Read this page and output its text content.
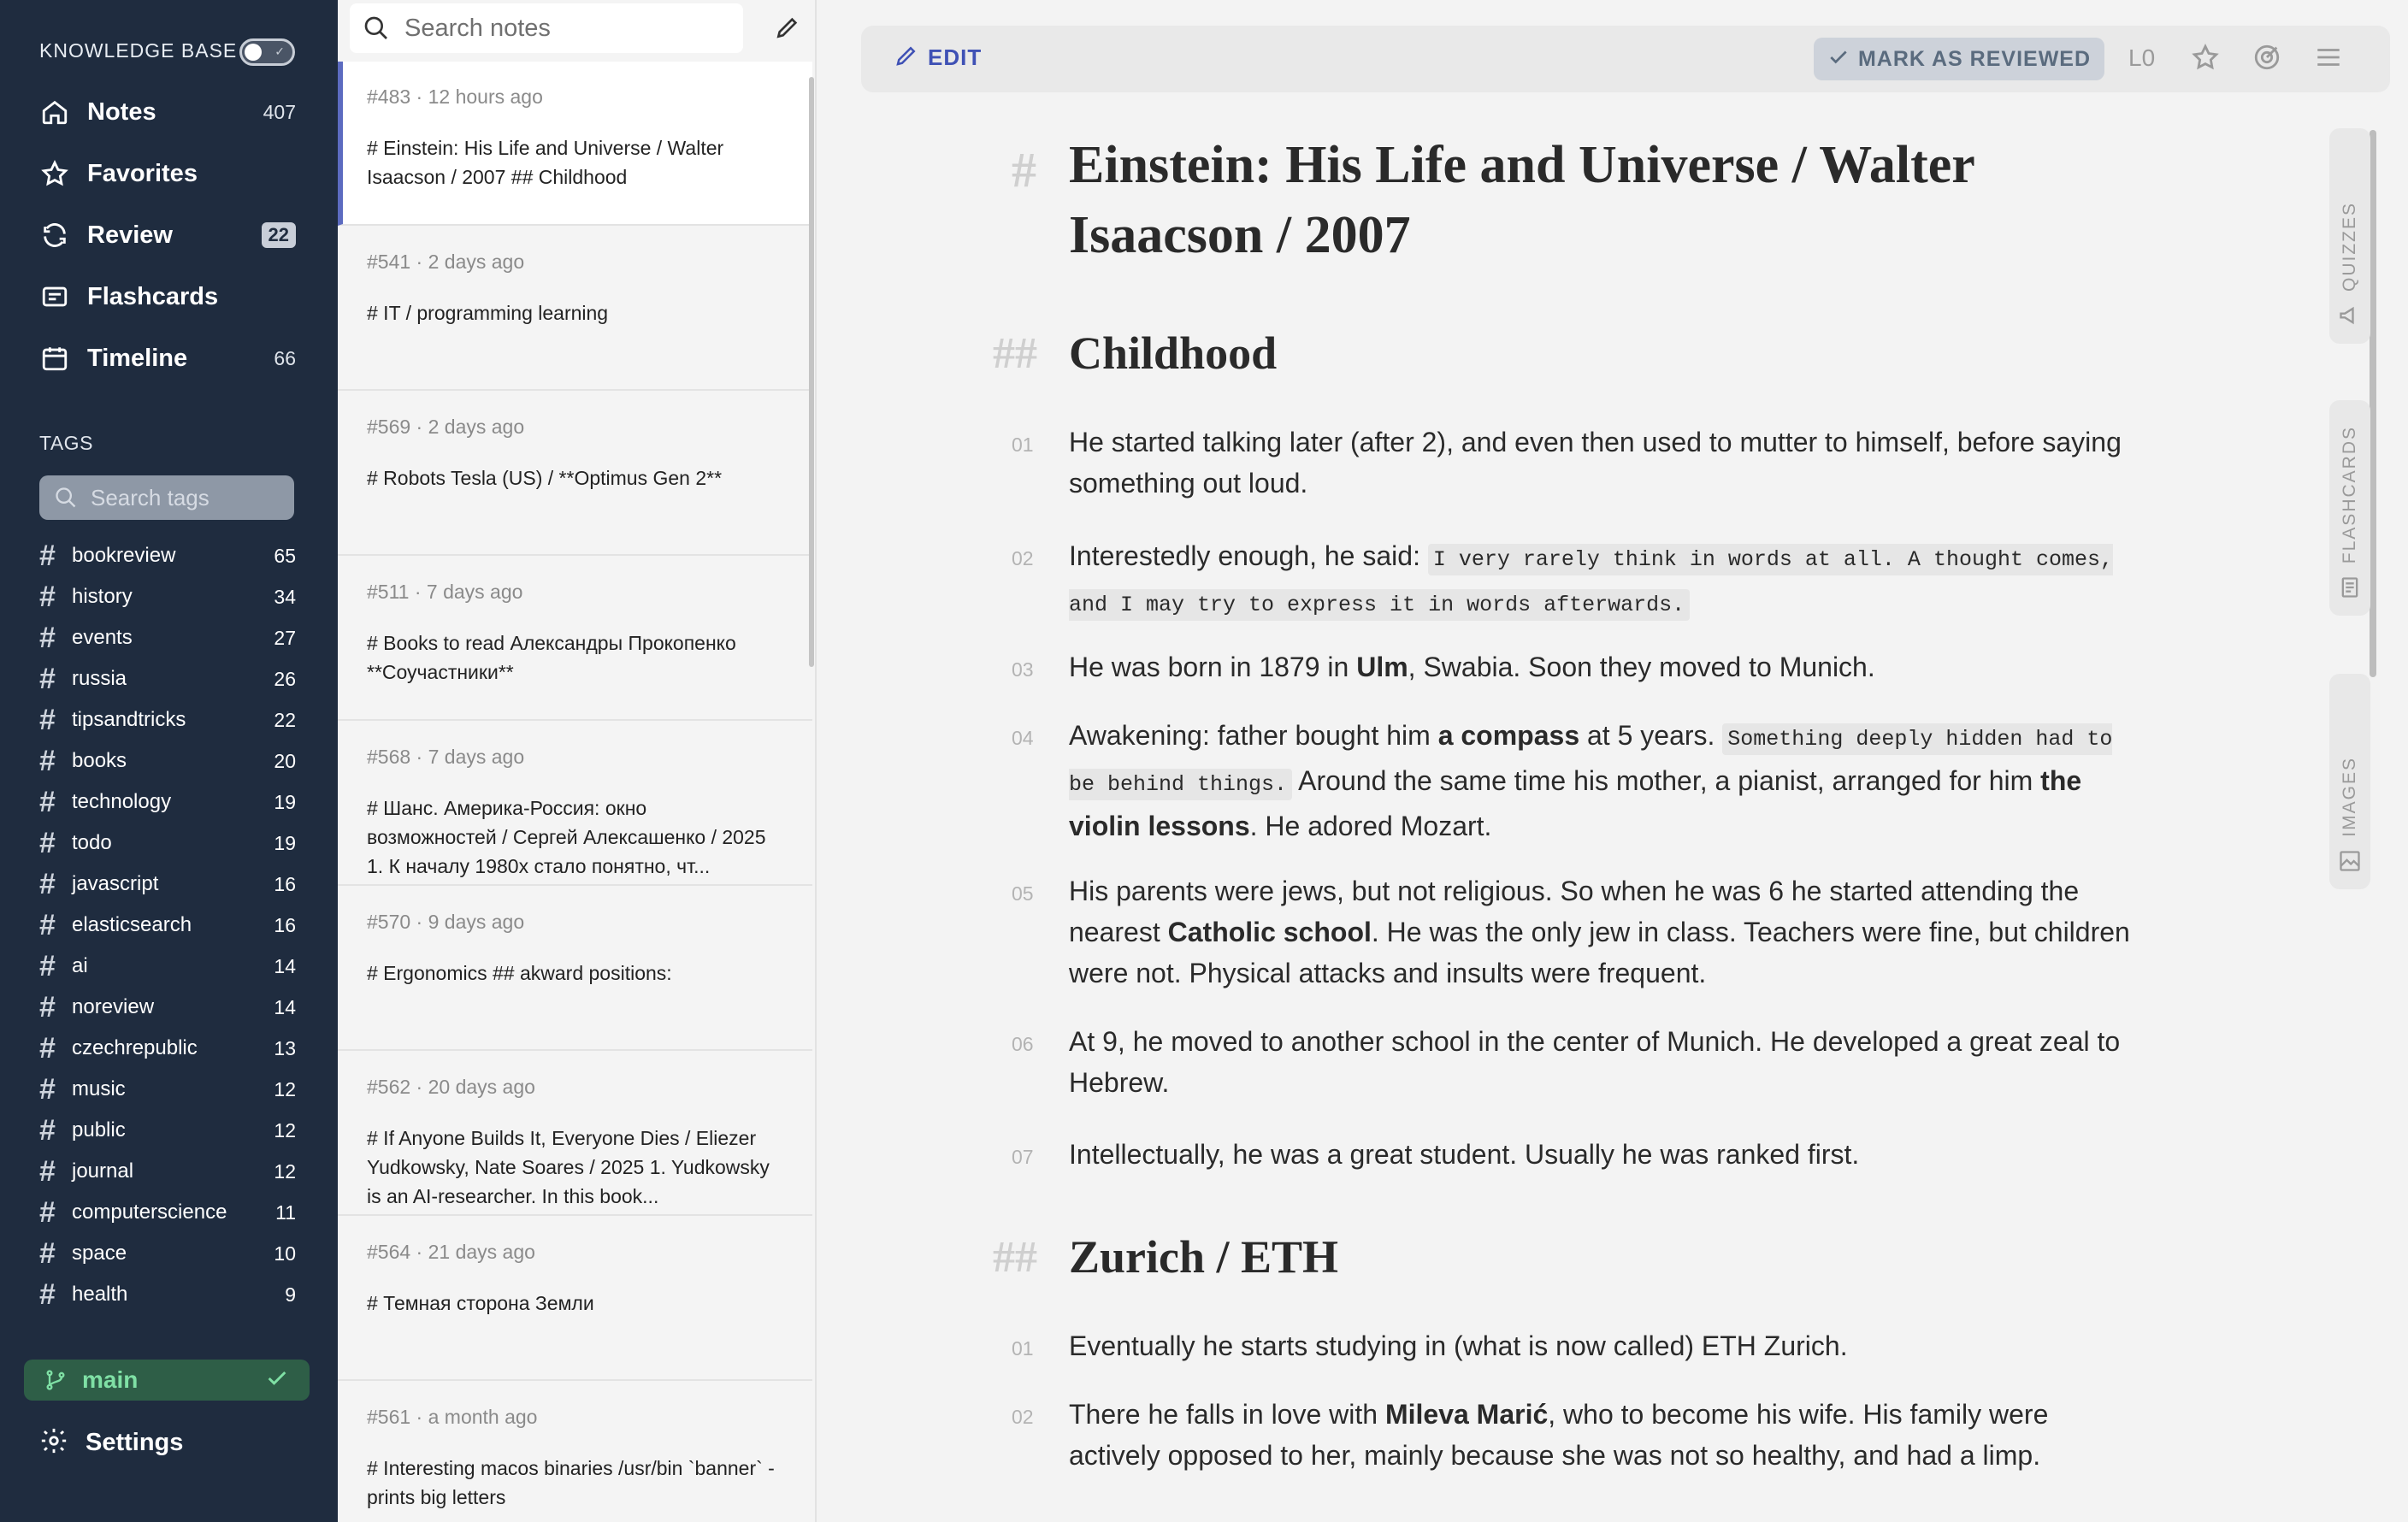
KNOWLEDGE BASE	✓
Notes	407
Favorites
Review	22
Flashcards
Timeline	66
TAGS
Search tags
# bookreview	65
# history	34
# events	27
# russia	26
# tipsandtricks	22
# books	20
# technology	19
# todo	19
# javascript	16
# elasticsearch	16
# ai	14
# noreview	14
# czechrepublic	13
# music	12
# public	12
# journal	12
# computerscience	11
# space	10
# health	9
main
Settings
Search notes
#483 · 12 hours ago
# Einstein: His Life and Universe / Walter Isaacson / 2007 ## Childhood
#541 · 2 days ago
# IT / programming learning
#569 · 2 days ago
# Robots Tesla (US) / **Optimus Gen 2**
#511 · 7 days ago
# Books to read Александры Прокопенко **Соучастники**
#568 · 7 days ago
# Шанс. Америка-Россия: окно возможностей / Сергей Алексашенко / 2025 1. К началу 1980х стало понятно, чт...
#570 · 9 days ago
# Ergonomics ## akward positions:
#562 · 20 days ago
# If Anyone Builds It, Everyone Dies / Eliezer Yudkowsky, Nate Soares / 2025 1. Yudkowsky is an AI-researcher. In this book...
#564 · 21 days ago
# Темная сторона Земли
#561 · a month ago
# Interesting macos binaries /usr/bin `banner` - prints big letters
EDIT	MARK AS REVIEWED L0
# Einstein: His Life and Universe / Walter Isaacson / 2007
## Childhood
## Zurich / ETH
01 He started talking later (after 2), and even then used to mutter to himself, before saying something out loud.
02 Interestedly enough, he said: I very rarely think in words at all. A thought comes, and I may try to express it in words afterwards.
03 He was born in 1879 in Ulm, Swabia. Soon they moved to Munich.
04 Awakening: father bought him a compass at 5 years. Something deeply hidden had to be behind things. Around the same time his mother, a pianist, arranged for him the violin lessons. He adored Mozart.
05 His parents were jews, but not religious. So when he was 6 he started attending the nearest Catholic school. He was the only jew in class. Teachers were fine, but children were not. Physical attacks and insults were frequent.
06 At 9, he moved to another school in the center of Munich. He developed a great zeal to Hebrew.
07 Intellectually, he was a great student. Usually he was ranked first.
01 Eventually he starts studying in (what is now called) ETH Zurich.
02 There he falls in love with Mileva Marić, who to become his wife. His family were actively opposed to her, mainly because she was not so healthy, and had a limp.
QUIZZES
FLASHCARDS
IMAGES
